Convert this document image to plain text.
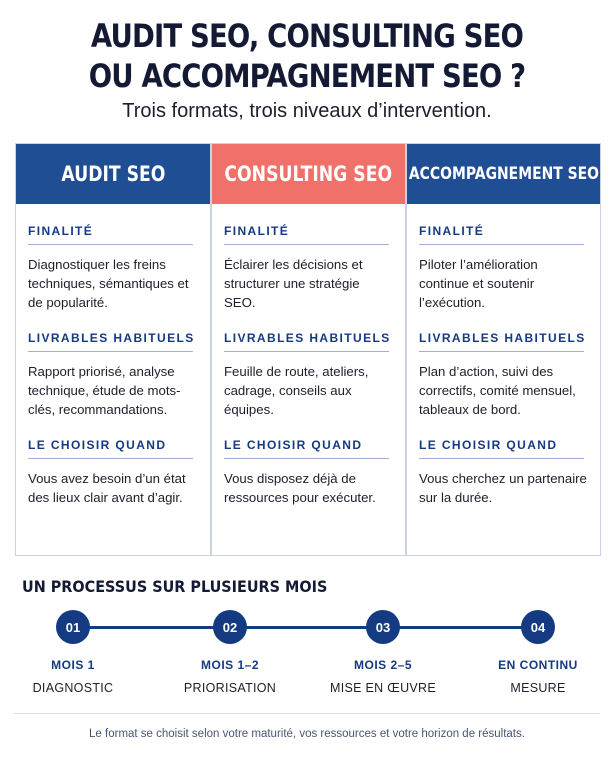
AUDIT SEO, CONSULTING SEO
OU ACCOMPAGNEMENT SEO ?
Trois formats, trois niveaux d’intervention.
AUDIT SEO
FINALITÉ
Diagnostiquer les freins techniques, sémantiques et de popularité.
LIVRABLES HABITUELS
Rapport priorisé, analyse technique, étude de mots-clés, recommandations.
LE CHOISIR QUAND
Vous avez besoin d’un état des lieux clair avant d’agir.
CONSULTING SEO
FINALITÉ
Éclairer les décisions et structurer une stratégie SEO.
LIVRABLES HABITUELS
Feuille de route, ateliers, cadrage, conseils aux équipes.
LE CHOISIR QUAND
Vous disposez déjà de ressources pour exécuter.
ACCOMPAGNEMENT SEO
FINALITÉ
Piloter l’amélioration continue et soutenir l’exécution.
LIVRABLES HABITUELS
Plan d’action, suivi des correctifs, comité mensuel, tableaux de bord.
LE CHOISIR QUAND
Vous cherchez un partenaire sur la durée.
UN PROCESSUS SUR PLUSIEURS MOIS
01	02	03	04
MOIS 1	MOIS 1–2	MOIS 2–5	EN CONTINU
DIAGNOSTIC	PRIORISATION	MISE EN ŒUVRE	MESURE
Le format se choisit selon votre maturité, vos ressources et votre horizon de résultats.
